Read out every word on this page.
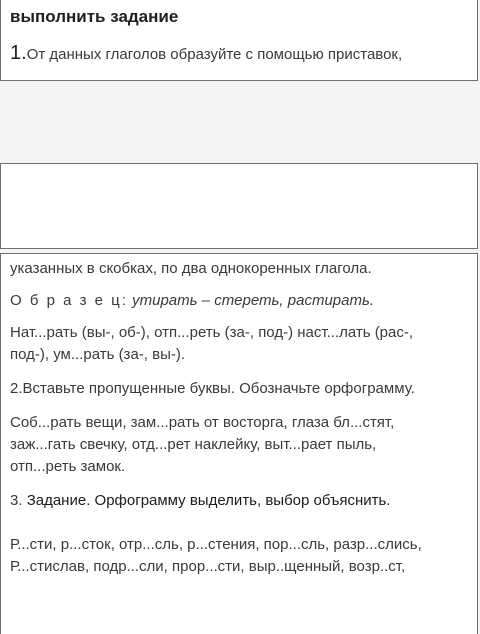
выполнить задание
1.От данных глаголов образуйте с помощью приставок,

указанных в скобках, по два однокоренных глагола.

О б р а з е ц: утирать – стереть, растирать.

Нат...рать (вы-, об-), отп...реть (за-, под-) наст...лать (рас-,

под-), ум...рать (за-, вы-).

2.Вставьте пропущенные буквы. Обозначьте орфограмму.

Соб...рать вещи, зам...рать от восторга, глаза бл...стят,

заж...гать свечку, отд...рет наклейку, выт...рает пыль,

отп...реть замок.

3. Задание. Орфограмму выделить, выбор объяснить.

Р...сти, р...сток, отр...сль, р...стения, пор...сль, разр...слись,

Р...стислав, подр...сли, прор...сти, выр..щенный, возр..ст,
